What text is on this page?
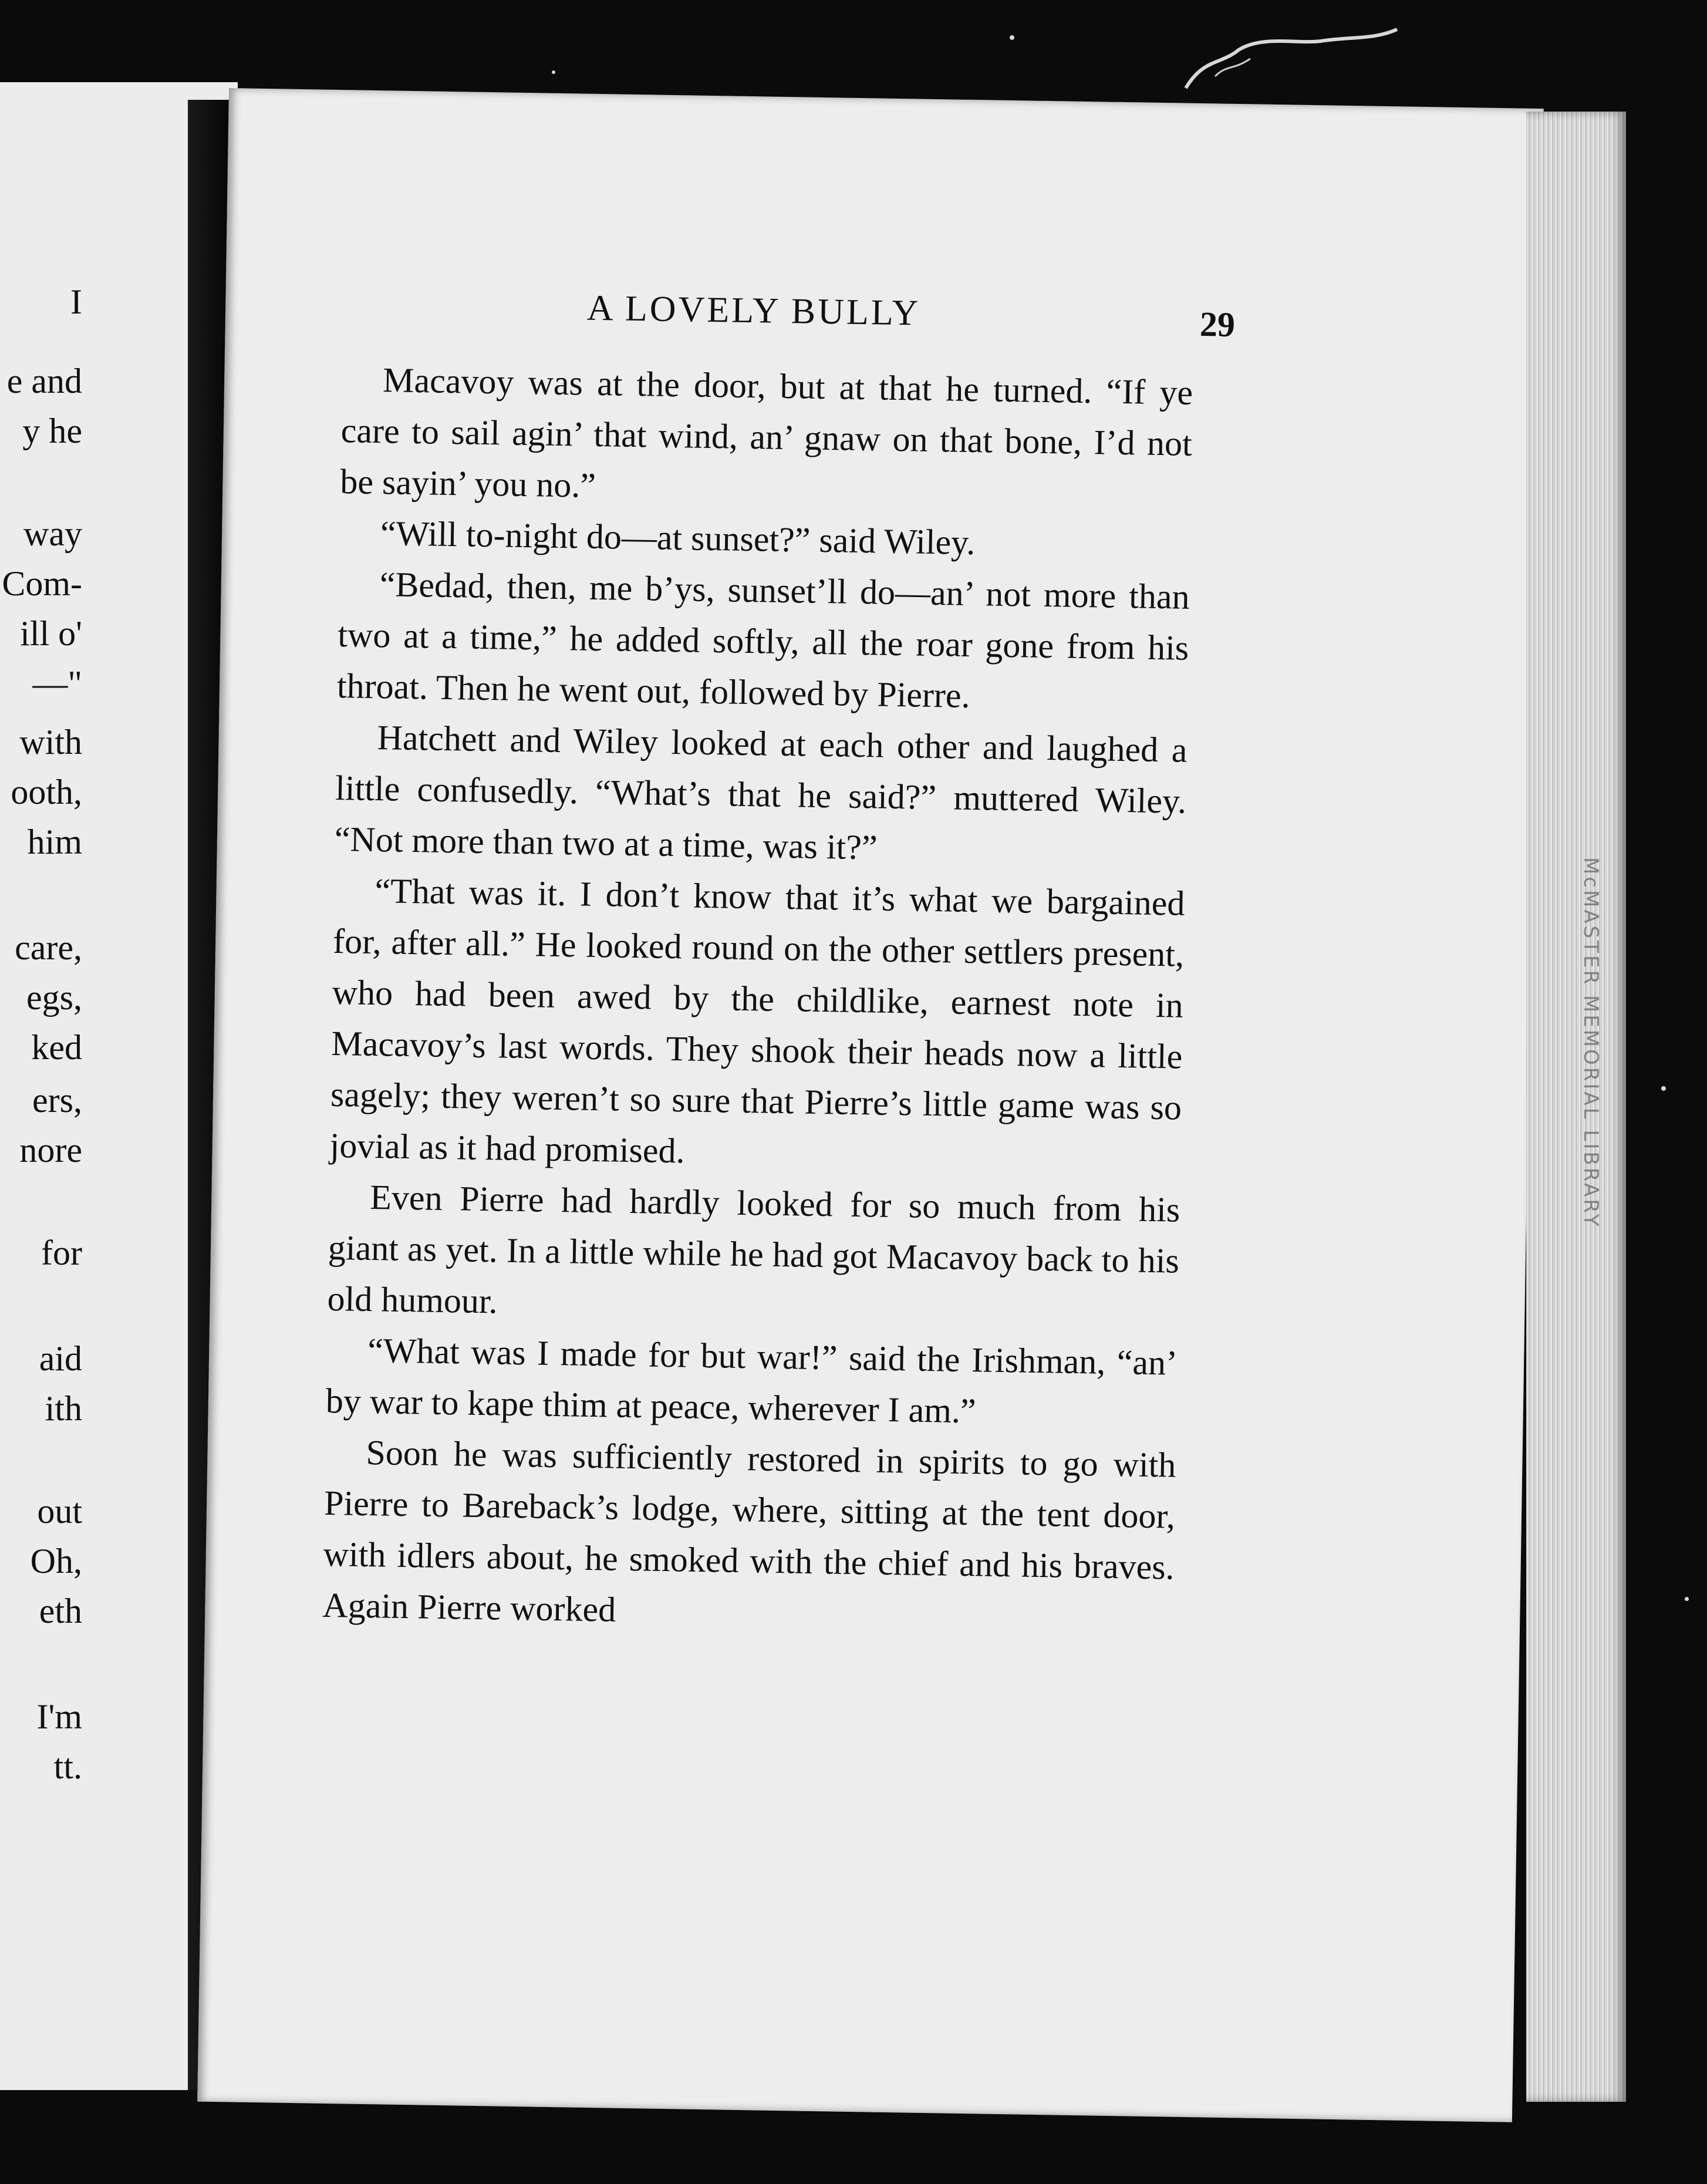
I
e and
y he
way
Com-
ill o'
—"
with
ooth,
him
care,
egs,
ked
ers,
nore
for
aid
ith
out
Oh,
eth
I'm
tt.
A LOVELY BULLY	29

Macavoy was at the door, but at that he turned. “If ye care to sail agin’ that wind, an’ gnaw on that bone, I’d not be sayin’ you no.”

“Will to-night do—at sunset?” said Wiley.

“Bedad, then, me b’ys, sunset’ll do—an’ not more than two at a time,” he added softly, all the roar gone from his throat. Then he went out, followed by Pierre.

Hatchett and Wiley looked at each other and laughed a little confusedly. “What’s that he said?” muttered Wiley. “Not more than two at a time, was it?”

“That was it. I don’t know that it’s what we bargained for, after all.” He looked round on the other settlers present, who had been awed by the childlike, earnest note in Macavoy’s last words. They shook their heads now a little sagely; they weren’t so sure that Pierre’s little game was so jovial as it had promised.

Even Pierre had hardly looked for so much from his giant as yet. In a little while he had got Macavoy back to his old humour.

“What was I made for but war!” said the Irishman, “an’ by war to kape thim at peace, wherever I am.”

Soon he was sufficiently restored in spirits to go with Pierre to Bareback’s lodge, where, sitting at the tent door, with idlers about, he smoked with the chief and his braves. Again Pierre worked

McMASTER MEMORIAL LIBRARY
